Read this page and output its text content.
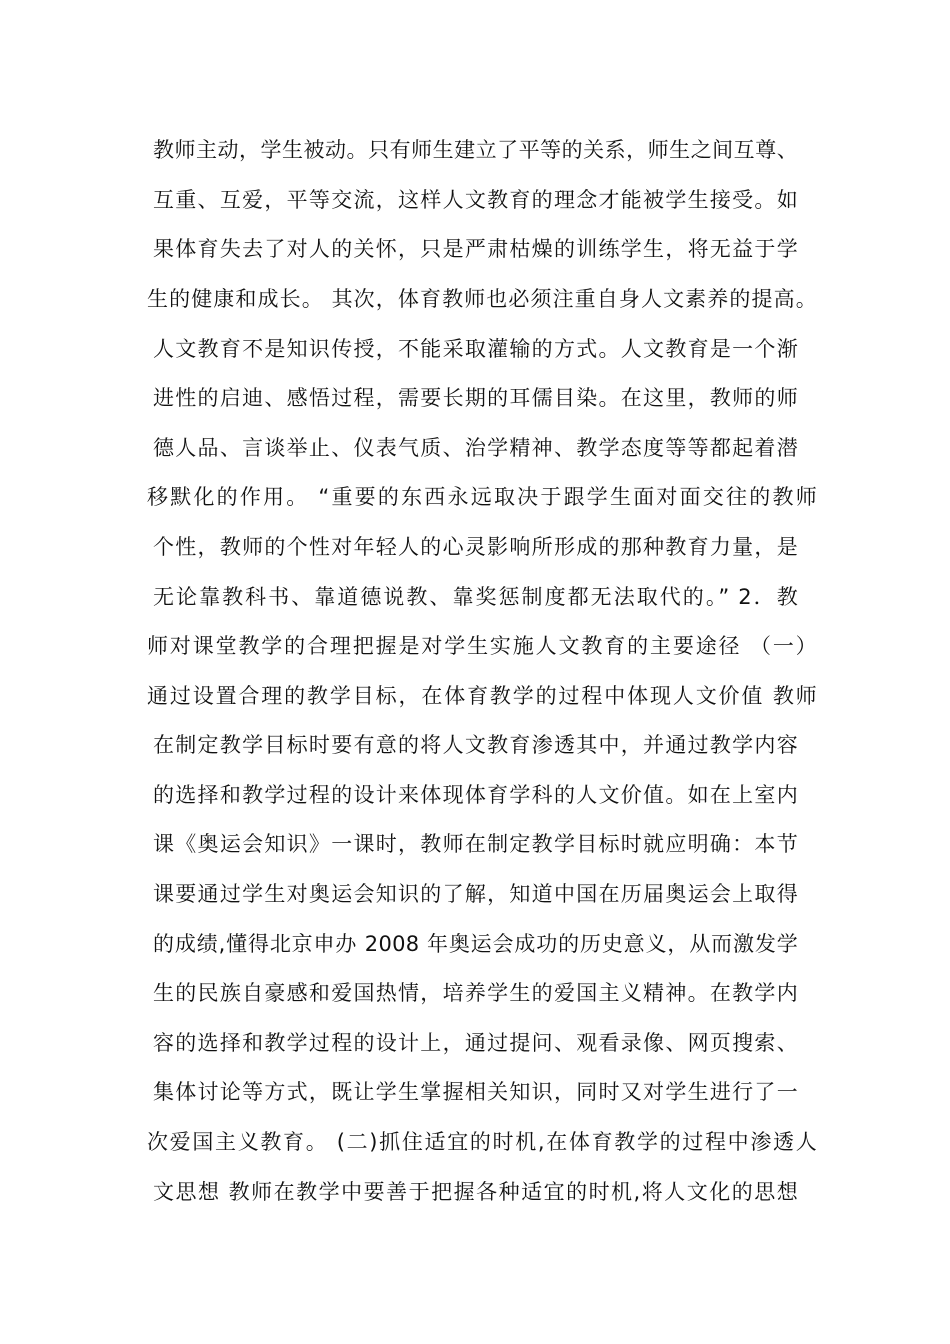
教师主动，学生被动。只有师生建立了平等的关系，师生之间互尊、
互重、互爱，平等交流，这样人文教育的理念才能被学生接受。如
果体育失去了对人的关怀，只是严肃枯燥的训练学生，将无益于学
生的健康和成长。 其次，体育教师也必须注重自身人文素养的提高。
人文教育不是知识传授，不能采取灌输的方式。人文教育是一个渐
进性的启迪、感悟过程，需要长期的耳儒目染。在这里，教师的师
德人品、言谈举止、仪表气质、治学精神、教学态度等等都起着潜
移默化的作用。 “重要的东西永远取决于跟学生面对面交往的教师
个性，教师的个性对年轻人的心灵影响所形成的那种教育力量，是
无论靠教科书、靠道德说教、靠奖惩制度都无法取代的。” 2．教
师对课堂教学的合理把握是对学生实施人文教育的主要途径 （一）
通过设置合理的教学目标，在体育教学的过程中体现人文价值 教师
在制定教学目标时要有意的将人文教育渗透其中，并通过教学内容
的选择和教学过程的设计来体现体育学科的人文价值。如在上室内
课《奥运会知识》一课时，教师在制定教学目标时就应明确：本节
课要通过学生对奥运会知识的了解，知道中国在历届奥运会上取得
的成绩,懂得北京申办 2008 年奥运会成功的历史意义，从而激发学
生的民族自豪感和爱国热情，培养学生的爱国主义精神。在教学内
容的选择和教学过程的设计上，通过提问、观看录像、网页搜索、
集体讨论等方式，既让学生掌握相关知识，同时又对学生进行了一
次爱国主义教育。 (二)抓住适宜的时机,在体育教学的过程中渗透人
文思想 教师在教学中要善于把握各种适宜的时机,将人文化的思想
